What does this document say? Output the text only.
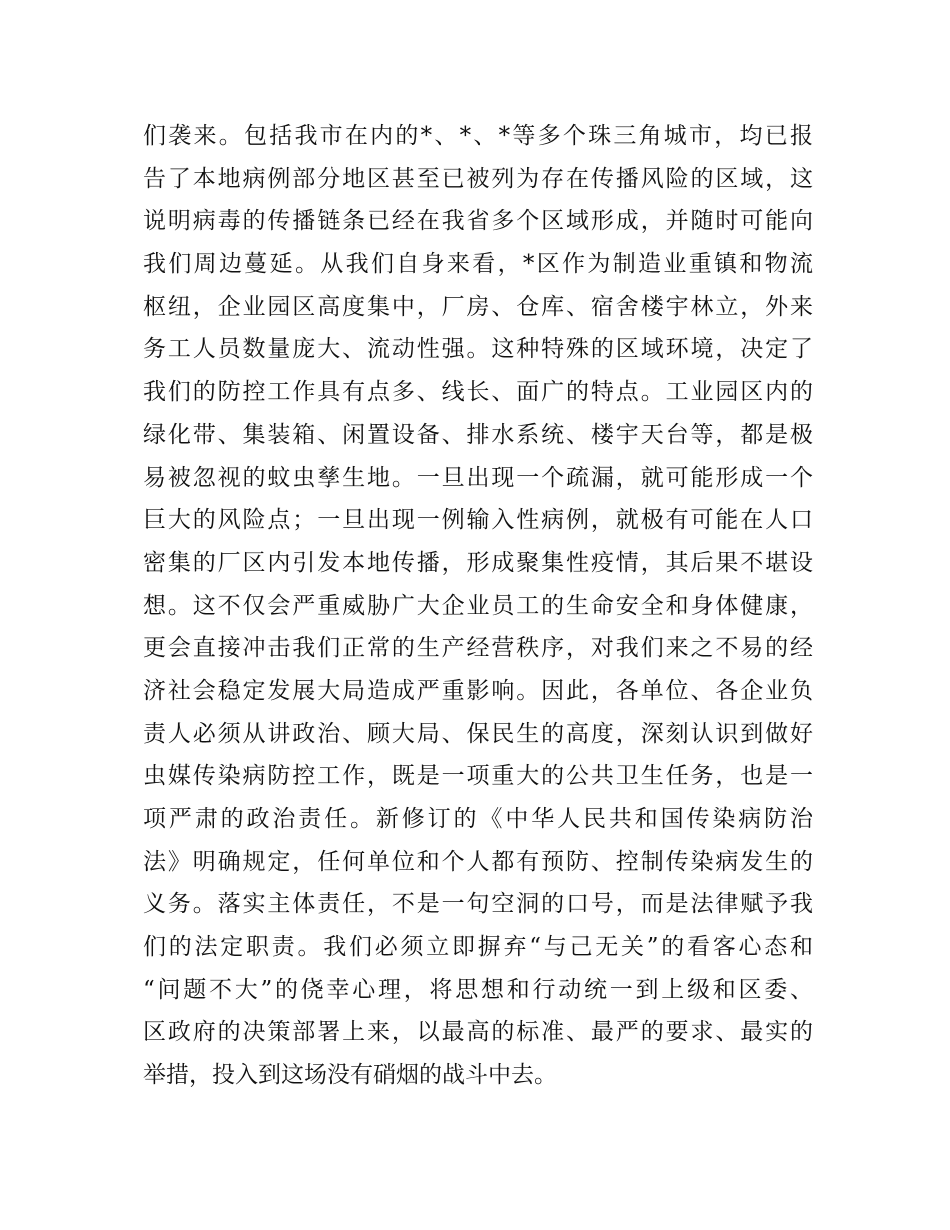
们袭来。包括我市在内的*、*、*等多个珠三角城市，均已报
告了本地病例部分地区甚至已被列为存在传播风险的区域，这
说明病毒的传播链条已经在我省多个区域形成，并随时可能向
我们周边蔓延。从我们自身来看，*区作为制造业重镇和物流
枢纽，企业园区高度集中，厂房、仓库、宿舍楼宇林立，外来
务工人员数量庞大、流动性强。这种特殊的区域环境，决定了
我们的防控工作具有点多、线长、面广的特点。工业园区内的
绿化带、集装箱、闲置设备、排水系统、楼宇天台等，都是极
易被忽视的蚊虫孳生地。一旦出现一个疏漏，就可能形成一个
巨大的风险点；一旦出现一例输入性病例，就极有可能在人口
密集的厂区内引发本地传播，形成聚集性疫情，其后果不堪设
想。这不仅会严重威胁广大企业员工的生命安全和身体健康，
更会直接冲击我们正常的生产经营秩序，对我们来之不易的经
济社会稳定发展大局造成严重影响。因此，各单位、各企业负
责人必须从讲政治、顾大局、保民生的高度，深刻认识到做好
虫媒传染病防控工作，既是一项重大的公共卫生任务，也是一
项严肃的政治责任。新修订的《中华人民共和国传染病防治
法》明确规定，任何单位和个人都有预防、控制传染病发生的
义务。落实主体责任，不是一句空洞的口号，而是法律赋予我
们的法定职责。我们必须立即摒弃“与己无关”的看客心态和
“问题不大”的侥幸心理，将思想和行动统一到上级和区委、
区政府的决策部署上来，以最高的标准、最严的要求、最实的
举措，投入到这场没有硝烟的战斗中去。
